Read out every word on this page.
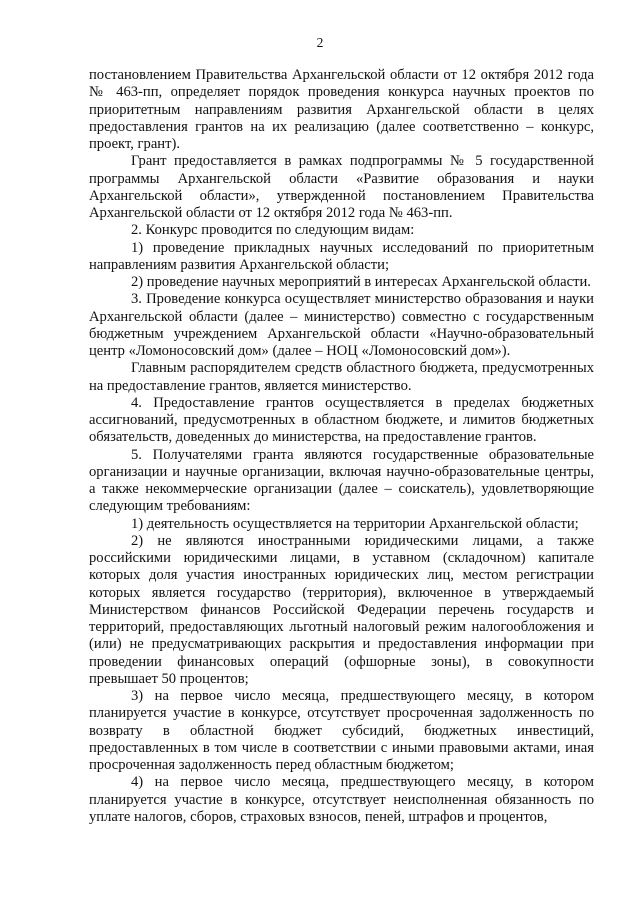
2

постановлением Правительства Архангельской области от 12 октября 2012 года № 463-пп, определяет порядок проведения конкурса научных проектов по приоритетным направлениям развития Архангельской области в целях предоставления грантов на их реализацию (далее соответственно – конкурс, проект, грант).

Грант предоставляется в рамках подпрограммы № 5 государственной программы Архангельской области «Развитие образования и науки Архангельской области», утвержденной постановлением Правительства Архангельской области от 12 октября 2012 года № 463-пп.

2. Конкурс проводится по следующим видам:

1) проведение прикладных научных исследований по приоритетным направлениям развития Архангельской области;

2) проведение научных мероприятий в интересах Архангельской области.

3. Проведение конкурса осуществляет министерство образования и науки Архангельской области (далее – министерство) совместно с государственным бюджетным учреждением Архангельской области «Научно-образовательный центр «Ломоносовский дом» (далее – НОЦ «Ломоносовский дом»).

Главным распорядителем средств областного бюджета, предусмотренных на предоставление грантов, является министерство.

4. Предоставление грантов осуществляется в пределах бюджетных ассигнований, предусмотренных в областном бюджете, и лимитов бюджетных обязательств, доведенных до министерства, на предоставление грантов.

5. Получателями гранта являются государственные образовательные организации и научные организации, включая научно-образовательные центры, а также некоммерческие организации (далее – соискатель), удовлетворяющие следующим требованиям:

1) деятельность осуществляется на территории Архангельской области;

2) не являются иностранными юридическими лицами, а также российскими юридическими лицами, в уставном (складочном) капитале которых доля участия иностранных юридических лиц, местом регистрации которых является государство (территория), включенное в утверждаемый Министерством финансов Российской Федерации перечень государств и территорий, предоставляющих льготный налоговый режим налогообложения и (или) не предусматривающих раскрытия и предоставления информации при проведении финансовых операций (офшорные зоны), в совокупности превышает 50 процентов;

3) на первое число месяца, предшествующего месяцу, в котором планируется участие в конкурсе, отсутствует просроченная задолженность по возврату в областной бюджет субсидий, бюджетных инвестиций, предоставленных в том числе в соответствии с иными правовыми актами, иная просроченная задолженность перед областным бюджетом;

4) на первое число месяца, предшествующего месяцу, в котором планируется участие в конкурсе, отсутствует неисполненная обязанность по уплате налогов, сборов, страховых взносов, пеней, штрафов и процентов,
